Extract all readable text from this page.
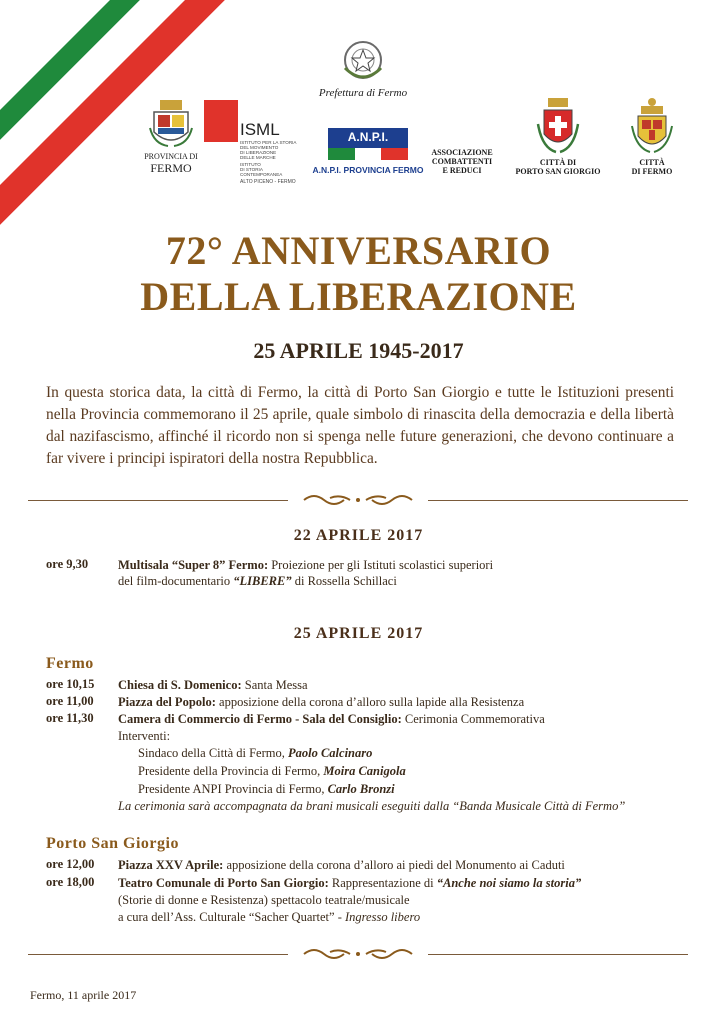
Prefettura di Fermo
PROVINCIA DI
FERMO
ISML
ISTITUTO PER LA STORIA
DEL MOVIMENTO
DI LIBERAZIONE
DELLE MARCHE
ISTITUTO
DI STORIA
CONTEMPORANEA
ALTO PICENO - FERMO
A.N.P.I.
A.N.P.I. PROVINCIA FERMO
ASSOCIAZIONE
COMBATTENTI
E REDUCI
CITTÀ DI
PORTO SAN GIORGIO
CITTÀ
DI FERMO
72° ANNIVERSARIO
DELLA LIBERAZIONE
25 APRILE 1945-2017
In questa storica data, la città di Fermo, la città di Porto San Giorgio e tutte le Istituzioni presenti nella Provincia commemorano il 25 aprile, quale simbolo di rinascita della democrazia e della libertà dal nazifascismo, affinché il ricordo non si spenga nelle future generazioni, che devono continuare a far vivere i principi ispiratori della nostra Repubblica.
22 APRILE 2017
ore 9,30 Multisala “Super 8” Fermo: Proiezione per gli Istituti scolastici superiori
del film-documentario “LIBERE” di Rossella Schillaci
25 APRILE 2017
Fermo
ore 10,15 Chiesa di S. Domenico: Santa Messa
ore 11,00 Piazza del Popolo: apposizione della corona d’alloro sulla lapide alla Resistenza
ore 11,30 Camera di Commercio di Fermo - Sala del Consiglio: Cerimonia Commemorativa
Interventi:
Sindaco della Città di Fermo, Paolo Calcinaro
Presidente della Provincia di Fermo, Moira Canigola
Presidente ANPI Provincia di Fermo, Carlo Bronzi
La cerimonia sarà accompagnata da brani musicali eseguiti dalla “Banda Musicale Città di Fermo”
Porto San Giorgio
ore 12,00 Piazza XXV Aprile: apposizione della corona d’alloro ai piedi del Monumento ai Caduti
ore 18,00 Teatro Comunale di Porto San Giorgio: Rappresentazione di “Anche noi siamo la storia”
(Storie di donne e Resistenza) spettacolo teatrale/musicale
a cura dell’Ass. Culturale “Sacher Quartet” - Ingresso libero
Fermo, 11 aprile 2017
